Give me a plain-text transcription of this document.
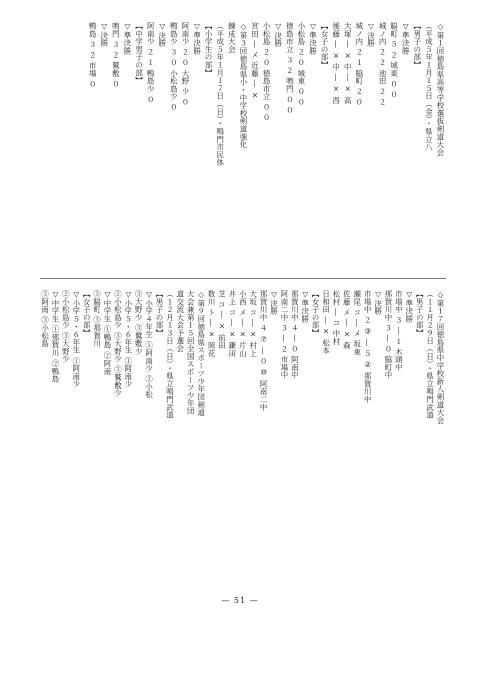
◇第１回徳島県高等学校選抜剣道大会
（平成５年１月１５日（金）・県立八
【男子の部】
▽準決勝
脇町 ５ ２ 城東 ０ ０
城ノ内 ２ ２ 池田 ２ ２
▽決勝
城ノ内 ２ １ 脇町 ２ ０
大塚 ― × 中 ― × 高
後藤 ― × 中 ― × 西
【女子の部】
▽準決勝
小松島 ２ ０ 城東 ０ ０
徳島市立 ３ ２ 鳴門 ０ ０
▽決勝
小松島 ２ ０ 徳島市立 ０ ０
宮田 ― メ 近藤 ― ×
◇第３回徳島県小・中学校剣道強化
錬成大会
（平成５年１月１７日（日）・鳴門市民体
【小学生の部】
▽準決勝
阿南少 ２ ０ 大野 少 ０
鴨島少 ３ ０ 小松島少 ０
▽決勝
阿南少 ２ １ 鴨島少 ０
【中学男子の部】
▽準決勝
鳴門 ３ ２ 鷲敷 ０
▽決勝
鴨島 ３ ２ 市場 ０
◇第１７回徳島県中学校新人剣道大会
（１１月２９日（日）・県立鳴門武道
【男子の部】
▽準決勝
市場中 ３ ― １ 木頭中
那賀川中 ３ ― ０ 脇町中
▽決勝
市場中 ２ ③ ― ５ ② 那賀川中
瀬尾 コ ― メ 坂東
佐藤 メ ― × 森
松村 ― コ 中村
日和田 ― × 松本
【女子の部】
▽準決勝
那賀川中 ４ ― ０ 阿南中
阿南二中 ３ ― ２ 市場中
▽決勝
那賀川中 ４ ⑦ ― ０ ⑩ 阿南二中
大坂 コ ― × 村上
小西 メ ― × 片山
井上 コ ― × 鎌田
芝 コ ― × 前田
数川 ト ― × 岡花
◇第９回徳島県スポーツ少年団剣道
大会兼第１５回全国スポーツ少年団
道交流大会予選会
（１２月１３日（日）・県立鳴門武道
【男子の部】
▽小学４年生 ①阿南少 ②小松
③大野少 ③鷲敷少
▽小学５・６年生 ①阿南少
②小松島少 ③大野少 ③鷲敷少
▽中学生 ①鴨島 ②阿南
③脇町 ③那賀川
【女子の部】
▽小学５・６年生 ①阿南少
②小松島少 ③大野少
▽中学生 ①那賀川 ②鴨島
③阿南 ③小松島
— 51 —
